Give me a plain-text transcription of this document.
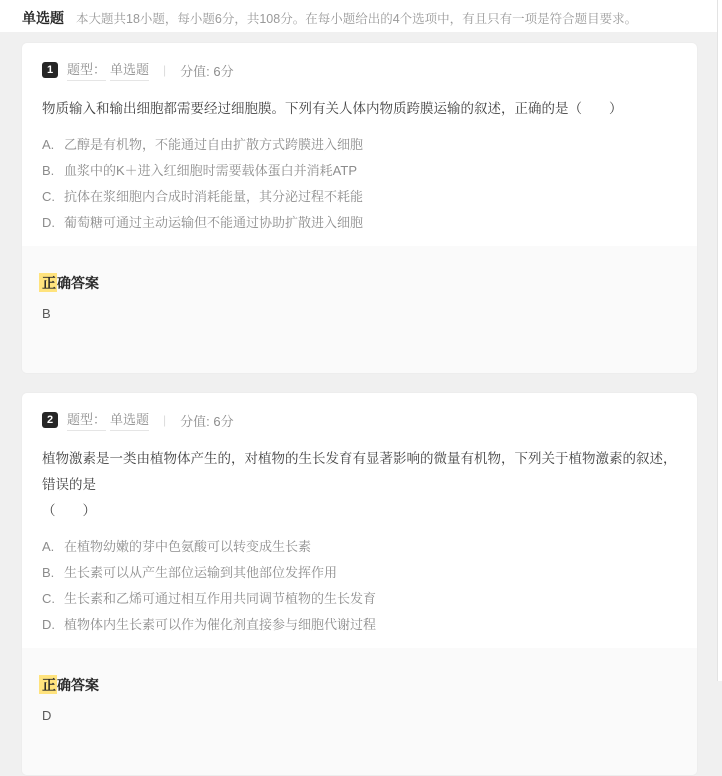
单选题 本大题共18小题，每小题6分，共108分。在每小题给出的4个选项中，有且只有一项是符合题目要求。
1	题型： 单选题 | 分值: 6分
物质输入和输出细胞都需要经过细胞膜。下列有关人体内物质跨膜运输的叙述，正确的是（　　）
A. 乙醇是有机物，不能通过自由扩散方式跨膜进入细胞
B. 血浆中的K＋进入红细胞时需要载体蛋白并消耗ATP
C. 抗体在浆细胞内合成时消耗能量，其分泌过程不耗能
D. 葡萄糖可通过主动运输但不能通过协助扩散进入细胞
正确答案
B
2	题型： 单选题 | 分值: 6分
植物激素是一类由植物体产生的，对植物的生长发育有显著影响的微量有机物，下列关于植物激素的叙述，错误的是
（　　）
A. 在植物幼嫩的芽中色氨酸可以转变成生长素
B. 生长素可以从产生部位运输到其他部位发挥作用
C. 生长素和乙烯可通过相互作用共同调节植物的生长发育
D. 植物体内生长素可以作为催化剂直接参与细胞代谢过程
正确答案
D
